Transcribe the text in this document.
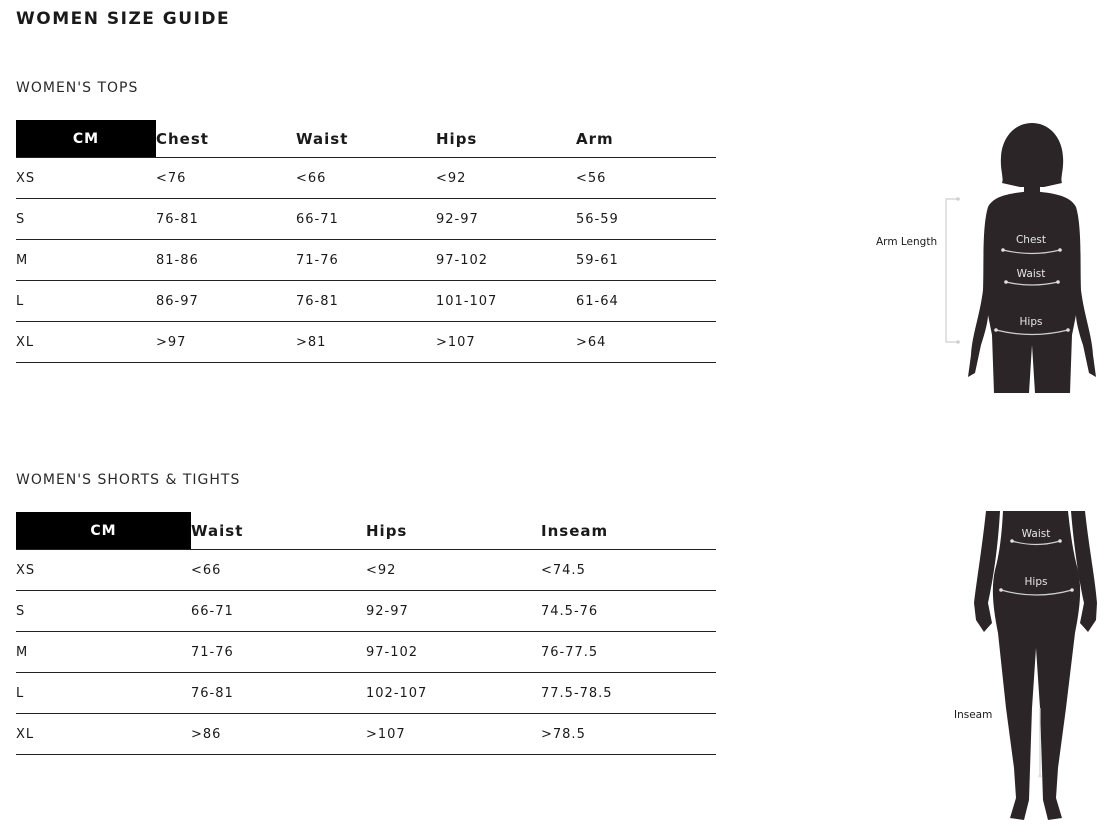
WOMEN SIZE GUIDE
WOMEN'S TOPS
CM	Chest	Waist	Hips	Arm
XS	<76	<66	<92	<56
S	76-81	66-71	92-97	56-59
M	81-86	71-76	97-102	59-61
L	86-97	76-81	101-107	61-64
XL	>97	>81	>107	>64
Arm Length	Chest
Waist
Hips
WOMEN'S SHORTS & TIGHTS
CM	Waist	Hips	Inseam
XS	<66	<92	<74.5
S	66-71	92-97	74.5-76
M	71-76	97-102	76-77.5
L	76-81	102-107	77.5-78.5
XL	>86	>107	>78.5
Waist
Hips
Inseam
